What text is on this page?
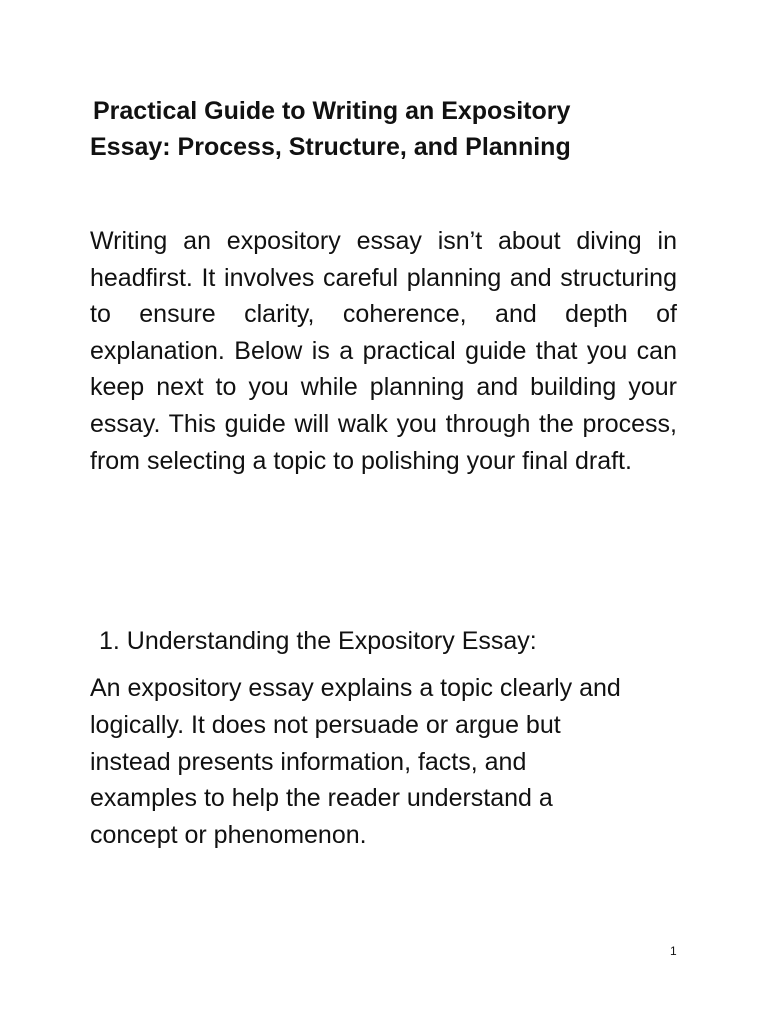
Practical Guide to Writing an Expository
Essay: Process, Structure, and Planning

Writing an expository essay isn’t about diving in headfirst. It involves careful planning and structuring to ensure clarity, coherence, and depth of explanation. Below is a practical guide that you can keep next to you while planning and building your essay. This guide will walk you through the process, from selecting a topic to polishing your final draft.

1. Understanding the Expository Essay:

An expository essay explains a topic clearly and
logically. It does not persuade or argue but
instead presents information, facts, and
examples to help the reader understand a
concept or phenomenon.

1
